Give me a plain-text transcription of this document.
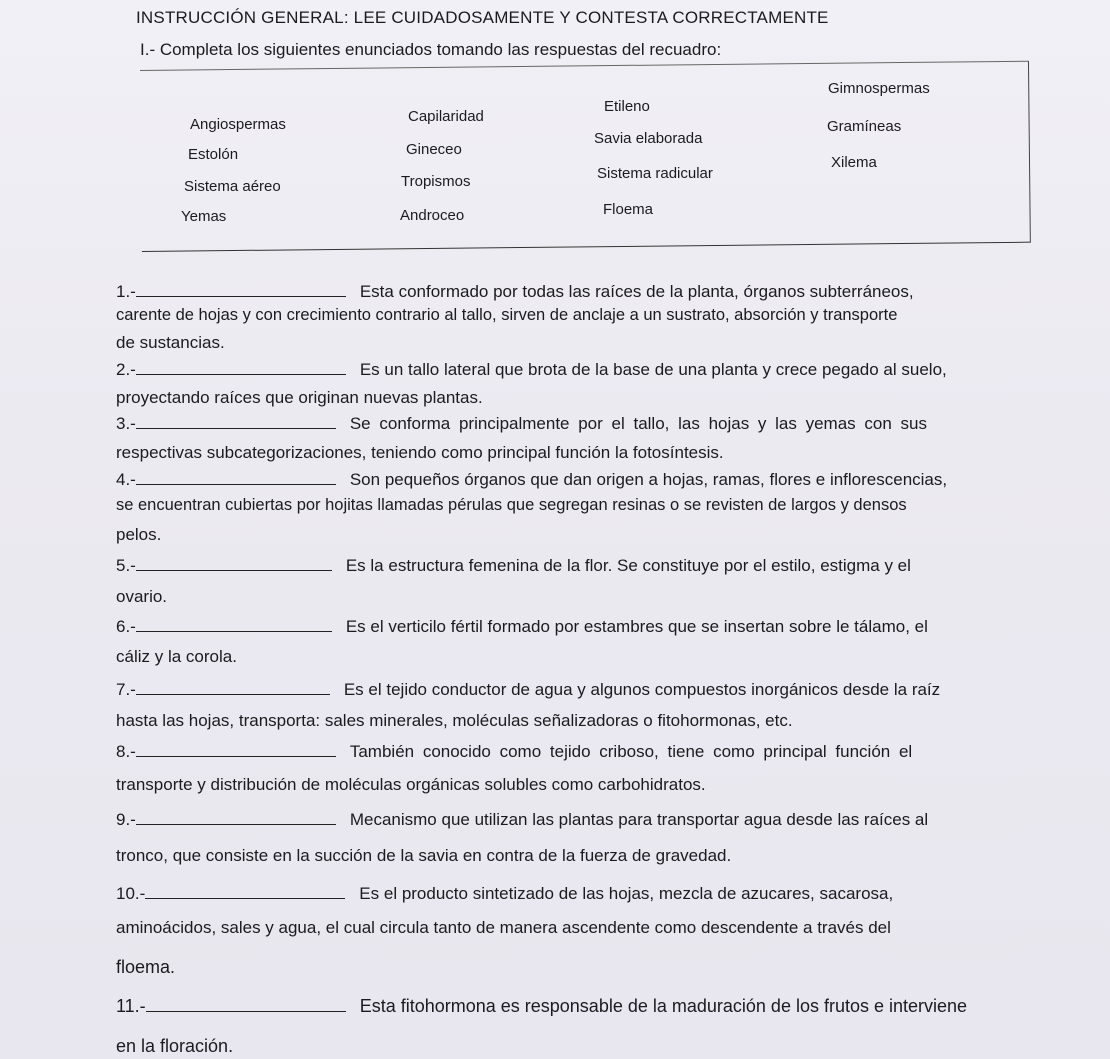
INSTRUCCIÓN GENERAL: LEE CUIDADOSAMENTE Y CONTESTA CORRECTAMENTE
I.- Completa los siguientes enunciados tomando las respuestas del recuadro:
Angiospermas	Capilaridad
Etileno
Gimnospermas
Estolón	Gineceo
Savia elaborada
Gramíneas
Sistema aéreo	Tropismos	Sistema radicular
Xilema
Yemas	Androceo	Floema
1.-	Esta conformado por todas las raíces de la planta, órganos subterráneos,
carente de hojas y con crecimiento contrario al tallo, sirven de anclaje a un sustrato, absorción y transporte
de sustancias.
2.-	Es un tallo lateral que brota de la base de una planta y crece pegado al suelo,
proyectando raíces que originan nuevas plantas.
3.-	Se conforma principalmente por el tallo, las hojas y las yemas con sus
respectivas subcategorizaciones, teniendo como principal función la fotosíntesis.
4.-	Son pequeños órganos que dan origen a hojas, ramas, flores e inflorescencias,
se encuentran cubiertas por hojitas llamadas pérulas que segregan resinas o se revisten de largos y densos
pelos.
5.-	Es la estructura femenina de la flor. Se constituye por el estilo, estigma y el
ovario.
6.-	Es el verticilo fértil formado por estambres que se insertan sobre le tálamo, el
cáliz y la corola.
7.-	Es el tejido conductor de agua y algunos compuestos inorgánicos desde la raíz
hasta las hojas, transporta: sales minerales, moléculas señalizadoras o fitohormonas, etc.
8.-	También conocido como tejido criboso, tiene como principal función el
transporte y distribución de moléculas orgánicas solubles como carbohidratos.
9.-	Mecanismo que utilizan las plantas para transportar agua desde las raíces al
tronco, que consiste en la succión de la savia en contra de la fuerza de gravedad.
10.-	Es el producto sintetizado de las hojas, mezcla de azucares, sacarosa,
aminoácidos, sales y agua, el cual circula tanto de manera ascendente como descendente a través del
floema.
11.-	Esta fitohormona es responsable de la maduración de los frutos e interviene
en la floración.
